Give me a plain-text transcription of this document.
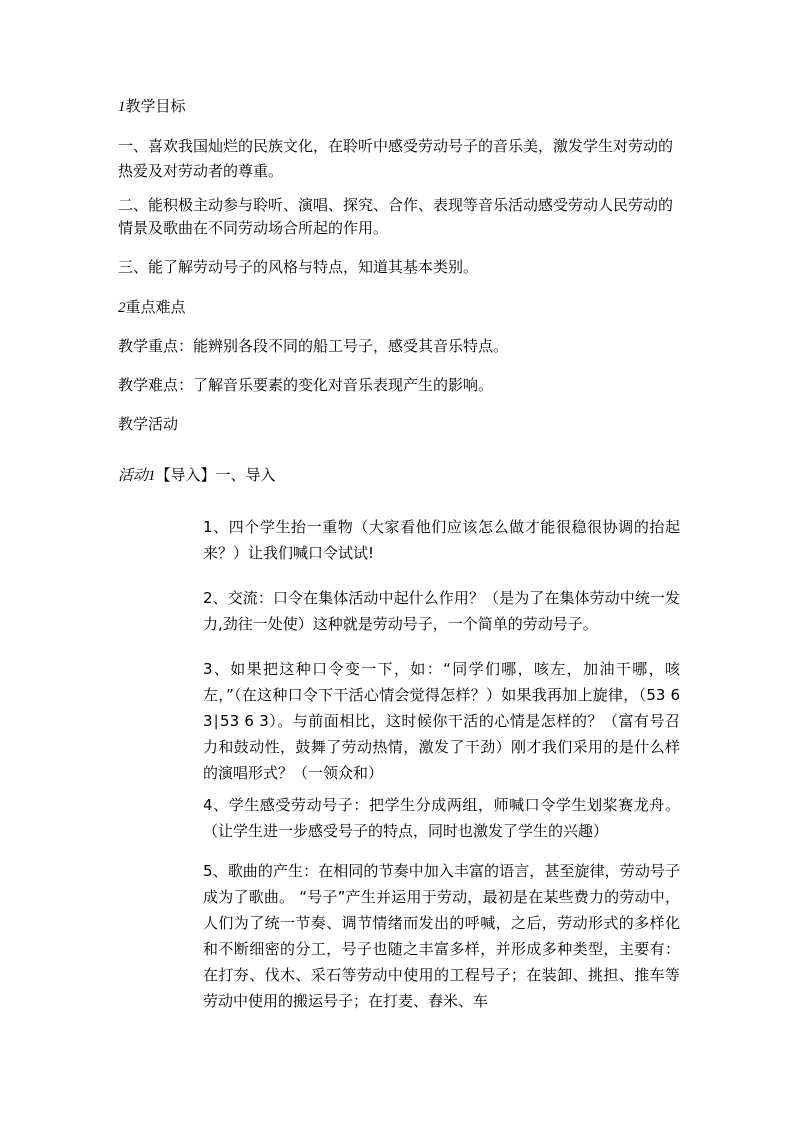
1教学目标
一、喜欢我国灿烂的民族文化，在聆听中感受劳动号子的音乐美，激发学生对劳动的
热爱及对劳动者的尊重。
二、能积极主动参与聆听、演唱、探究、合作、表现等音乐活动感受劳动人民劳动的
情景及歌曲在不同劳动场合所起的作用。
三、能了解劳动号子的风格与特点，知道其基本类别。
2重点难点
教学重点：能辨别各段不同的船工号子，感受其音乐特点。
教学难点：了解音乐要素的变化对音乐表现产生的影响。
教学活动
活动1【导入】一、导入
1、四个学生抬一重物（大家看他们应该怎么做才能很稳很协调的抬起来？）让我们喊口令试试!
2、交流：口令在集体活动中起什么作用？（是为了在集体劳动中统一发力,劲往一处使）这种就是劳动号子，一个简单的劳动号子。
3、如果把这种口令变一下，如：“同学们哪，咳左，加油干哪，咳左，”（在这种口令下干活心情会觉得怎样？）如果我再加上旋律，（53 6 3∣53 6 3）。与前面相比，这时候你干活的心情是怎样的？（富有号召力和鼓动性，鼓舞了劳动热情，激发了干劲）刚才我们采用的是什么样的演唱形式？（一领众和）
4、学生感受劳动号子：把学生分成两组，师喊口令学生划桨赛龙舟。（让学生进一步感受号子的特点，同时也激发了学生的兴趣）
5、歌曲的产生：在相同的节奏中加入丰富的语言，甚至旋律，劳动号子成为了歌曲。 “号子”产生并运用于劳动，最初是在某些费力的劳动中，人们为了统一节奏、调节情绪而发出的呼喊，之后，劳动形式的多样化和不断细密的分工，号子也随之丰富多样，并形成多种类型，主要有：在打夯、伐木、采石等劳动中使用的工程号子；在装卸、挑担、推车等劳动中使用的搬运号子；在打麦、舂米、车
